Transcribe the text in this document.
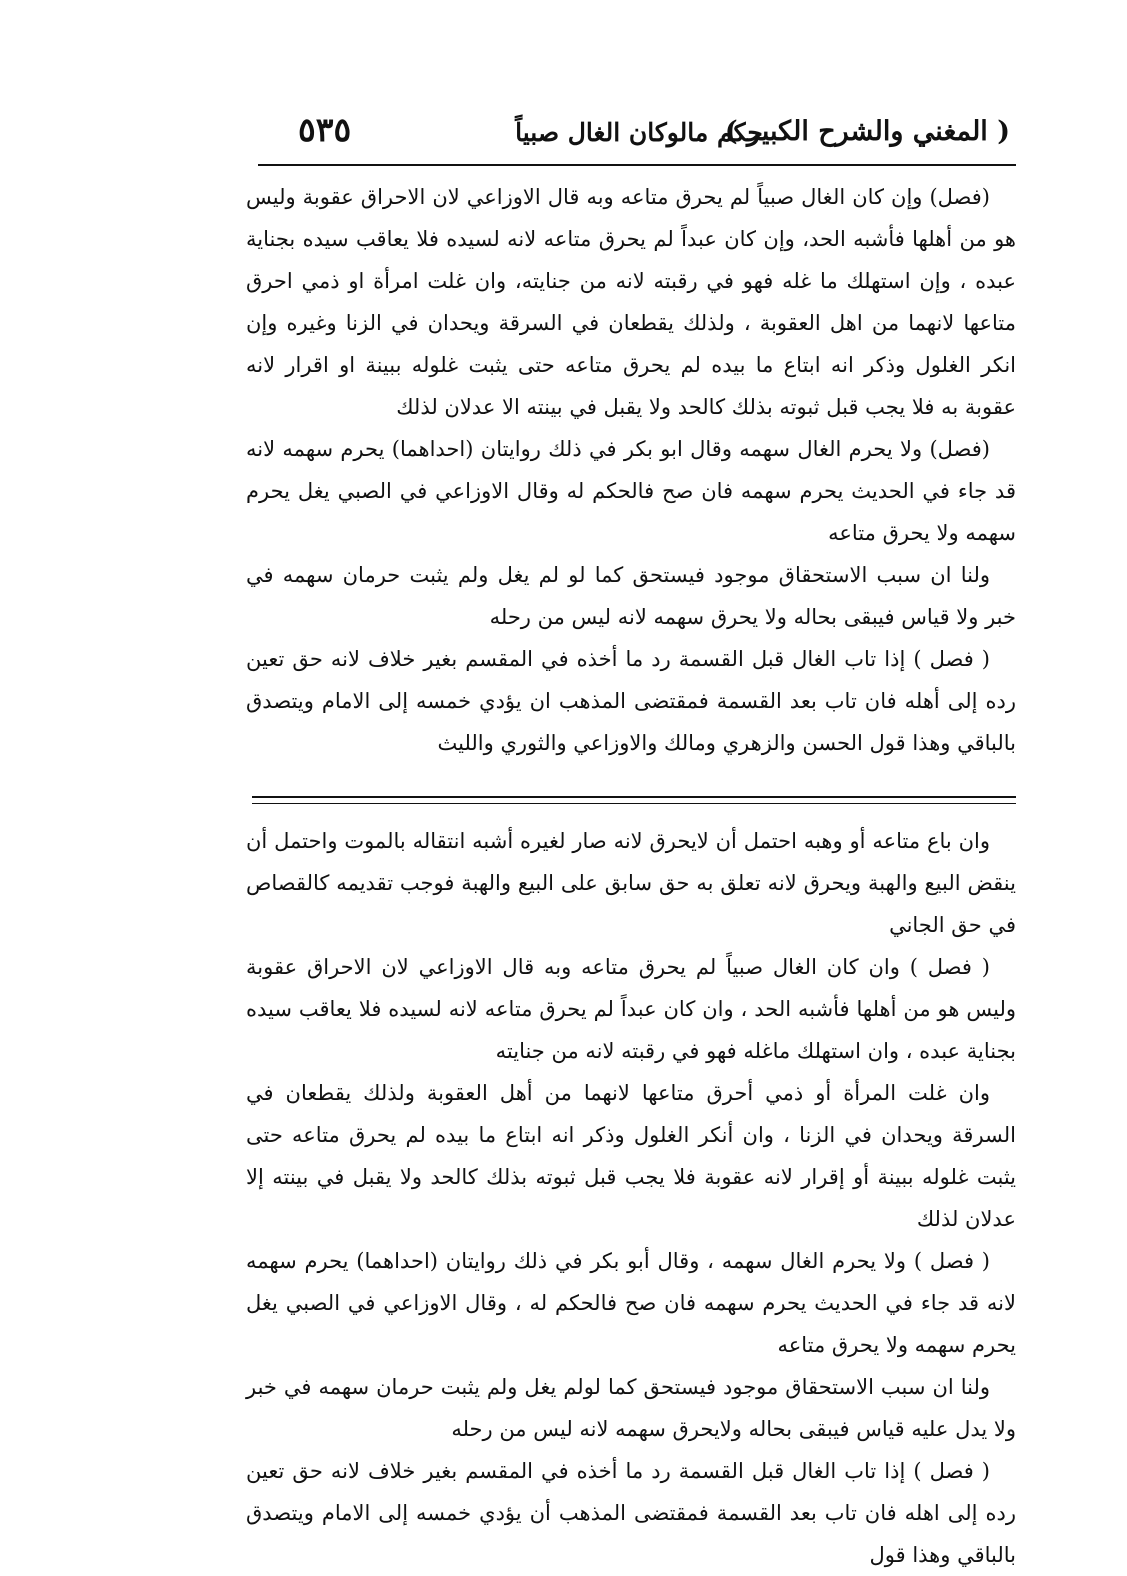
( المغني والشرح الكبير )
حكم مالوكان الغال صبياً
٥٣٥

(فصل) وإن كان الغال صبياً لم يحرق متاعه وبه قال الاوزاعي لان الاحراق عقوبة وليس هو من أهلها فأشبه الحد، وإن كان عبداً لم يحرق متاعه لانه لسيده فلا يعاقب سيده بجناية عبده ، وإن استهلك ما غله فهو في رقبته لانه من جنايته، وان غلت امرأة او ذمي احرق متاعها لانهما من اهل العقوبة ، ولذلك يقطعان في السرقة ويحدان في الزنا وغيره وإن انكر الغلول وذكر انه ابتاع ما بيده لم يحرق متاعه حتى يثبت غلوله ببينة او اقرار لانه عقوبة به فلا يجب قبل ثبوته بذلك كالحد ولا يقبل في بينته الا عدلان لذلك

(فصل) ولا يحرم الغال سهمه وقال ابو بكر في ذلك روايتان (احداهما) يحرم سهمه لانه قد جاء في الحديث يحرم سهمه فان صح فالحكم له وقال الاوزاعي في الصبي يغل يحرم سهمه ولا يحرق متاعه

ولنا ان سبب الاستحقاق موجود فيستحق كما لو لم يغل ولم يثبت حرمان سهمه في خبر ولا قياس فيبقى بحاله ولا يحرق سهمه لانه ليس من رحله

( فصل ) إذا تاب الغال قبل القسمة رد ما أخذه في المقسم بغير خلاف لانه حق تعين رده إلى أهله فان تاب بعد القسمة فمقتضى المذهب ان يؤدي خمسه إلى الامام ويتصدق بالباقي وهذا قول الحسن والزهري ومالك والاوزاعي والثوري والليث

وان باع متاعه أو وهبه احتمل أن لايحرق لانه صار لغيره أشبه انتقاله بالموت واحتمل أن ينقض البيع والهبة ويحرق لانه تعلق به حق سابق على البيع والهبة فوجب تقديمه كالقصاص في حق الجاني

( فصل ) وان كان الغال صبياً لم يحرق متاعه وبه قال الاوزاعي لان الاحراق عقوبة وليس هو من أهلها فأشبه الحد ، وان كان عبداً لم يحرق متاعه لانه لسيده فلا يعاقب سيده بجناية عبده ، وان استهلك ماغله فهو في رقبته لانه من جنايته

وان غلت المرأة أو ذمي أحرق متاعها لانهما من أهل العقوبة ولذلك يقطعان في السرقة ويحدان في الزنا ، وان أنكر الغلول وذكر انه ابتاع ما بيده لم يحرق متاعه حتى يثبت غلوله ببينة أو إقرار لانه عقوبة فلا يجب قبل ثبوته بذلك كالحد ولا يقبل في بينته إلا عدلان لذلك

( فصل ) ولا يحرم الغال سهمه ، وقال أبو بكر في ذلك روايتان (احداهما) يحرم سهمه لانه قد جاء في الحديث يحرم سهمه فان صح فالحكم له ، وقال الاوزاعي في الصبي يغل يحرم سهمه ولا يحرق متاعه

ولنا ان سبب الاستحقاق موجود فيستحق كما لولم يغل ولم يثبت حرمان سهمه في خبر ولا يدل عليه قياس فيبقى بحاله ولايحرق سهمه لانه ليس من رحله

( فصل ) إذا تاب الغال قبل القسمة رد ما أخذه في المقسم بغير خلاف لانه حق تعين رده إلى اهله فان تاب بعد القسمة فمقتضى المذهب أن يؤدي خمسه إلى الامام ويتصدق بالباقي وهذا قول
